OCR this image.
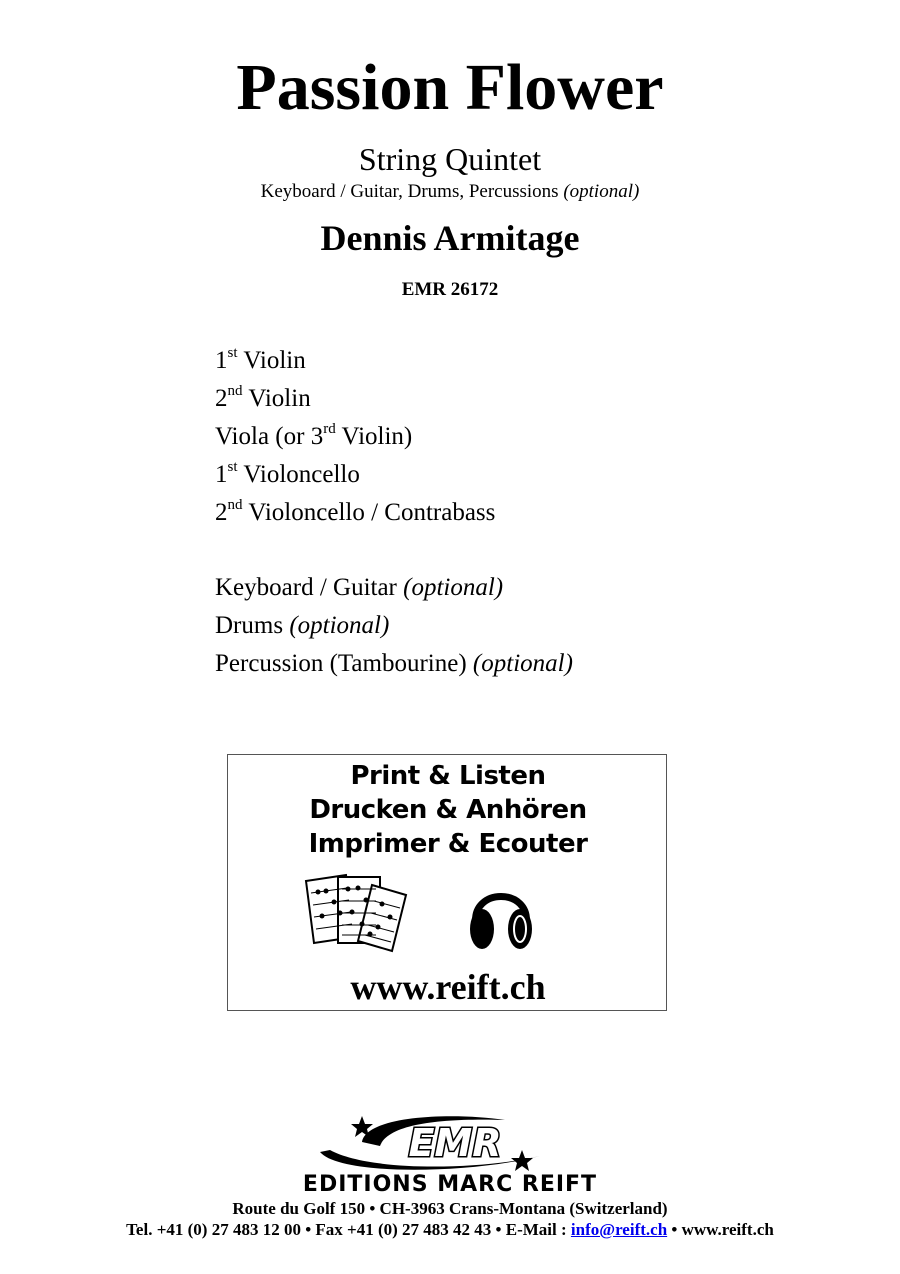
Passion Flower
String Quintet
Keyboard / Guitar, Drums, Percussions (optional)
Dennis Armitage
EMR 26172
1st Violin
2nd Violin
Viola (or 3rd Violin)
1st Violoncello
2nd Violoncello / Contrabass
Keyboard / Guitar (optional)
Drums (optional)
Percussion (Tambourine) (optional)
Print & Listen
Drucken & Anhören
Imprimer & Ecouter
www.reift.ch
EMR
EDITIONS MARC REIFT
Route du Golf 150 • CH-3963 Crans-Montana (Switzerland)
Tel. +41 (0) 27 483 12 00 • Fax +41 (0) 27 483 42 43 • E-Mail : info@reift.ch • www.reift.ch
